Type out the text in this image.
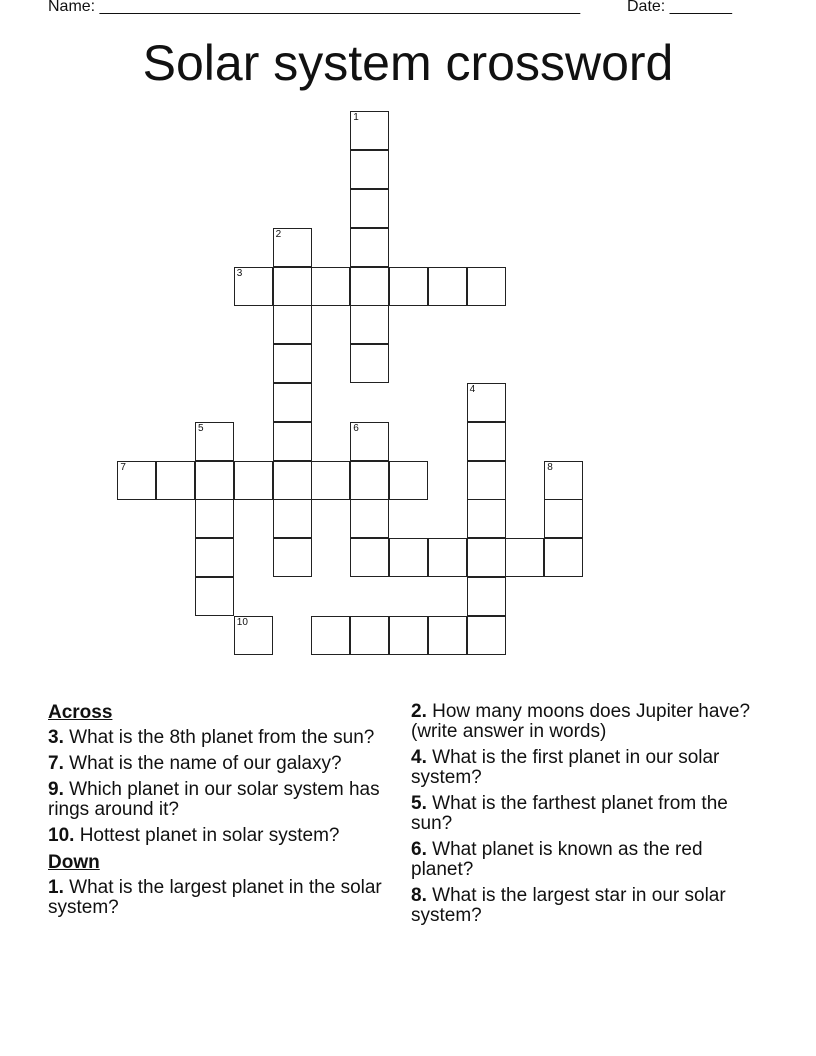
Name: ______________________________________________________	Date: _______
Solar system crossword
1
2
3
4
5	6
7	8
10
Across

3. What is the 8th planet from the sun?

7. What is the name of our galaxy?

9. Which planet in our solar system has rings around it?

10. Hottest planet in solar system?

Down

1. What is the largest planet in the solar system?

2. How many moons does Jupiter have?(write answer in words)

4. What is the first planet in our solar system?

5. What is the farthest planet from the sun?

6. What planet is known as the red planet?

8. What is the largest star in our solar system?
